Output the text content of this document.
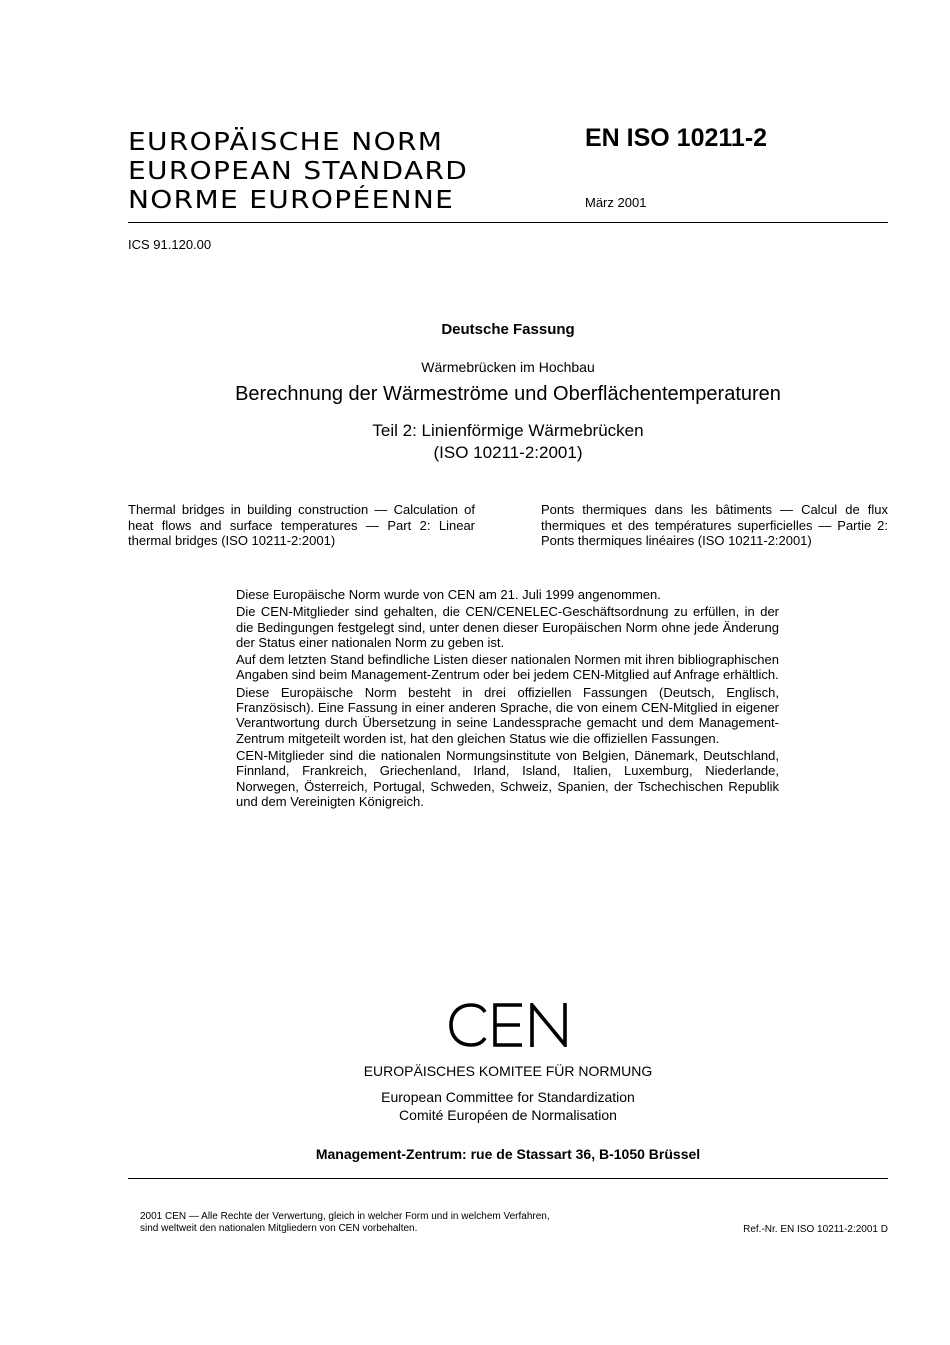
EUROPÄISCHE NORM
EUROPEAN STANDARD
NORME EUROPÉENNE
EN ISO 10211-2
März 2001
ICS 91.120.00
Deutsche Fassung
Wärmebrücken im Hochbau
Berechnung der Wärmeströme und Oberflächentemperaturen
Teil 2: Linienförmige Wärmebrücken
(ISO 10211-2:2001)
Thermal bridges in building construction — Calculation of heat flows and surface temperatures — Part 2: Linear thermal bridges (ISO 10211-2:2001)
Ponts thermiques dans les bâtiments — Calcul de flux thermiques et des températures superficielles — Partie 2: Ponts thermiques linéaires (ISO 10211-2:2001)

Diese Europäische Norm wurde von CEN am 21. Juli 1999 angenommen.

Die CEN-Mitglieder sind gehalten, die CEN/CENELEC-Geschäftsordnung zu erfüllen, in der die Bedingungen festgelegt sind, unter denen dieser Europäischen Norm ohne jede Änderung der Status einer nationalen Norm zu geben ist.

Auf dem letzten Stand befindliche Listen dieser nationalen Normen mit ihren bibliographischen Angaben sind beim Management-Zentrum oder bei jedem CEN-Mitglied auf Anfrage erhältlich.

Diese Europäische Norm besteht in drei offiziellen Fassungen (Deutsch, Englisch, Französisch). Eine Fassung in einer anderen Sprache, die von einem CEN-Mitglied in eigener Verantwortung durch Übersetzung in seine Landessprache gemacht und dem Management-Zentrum mitgeteilt worden ist, hat den gleichen Status wie die offiziellen Fassungen.

CEN-Mitglieder sind die nationalen Normungsinstitute von Belgien, Dänemark, Deutschland, Finnland, Frankreich, Griechenland, Irland, Island, Italien, Luxemburg, Niederlande, Norwegen, Österreich, Portugal, Schweden, Schweiz, Spanien, der Tschechischen Republik und dem Vereinigten Königreich.

EUROPÄISCHES KOMITEE FÜR NORMUNG
European Committee for Standardization
Comité Européen de Normalisation
Management-Zentrum: rue de Stassart 36, B-1050 Brüssel
2001 CEN — Alle Rechte der Verwertung, gleich in welcher Form und in welchem Verfahren,
sind weltweit den nationalen Mitgliedern von CEN vorbehalten.	Ref.-Nr. EN ISO 10211-2:2001 D
